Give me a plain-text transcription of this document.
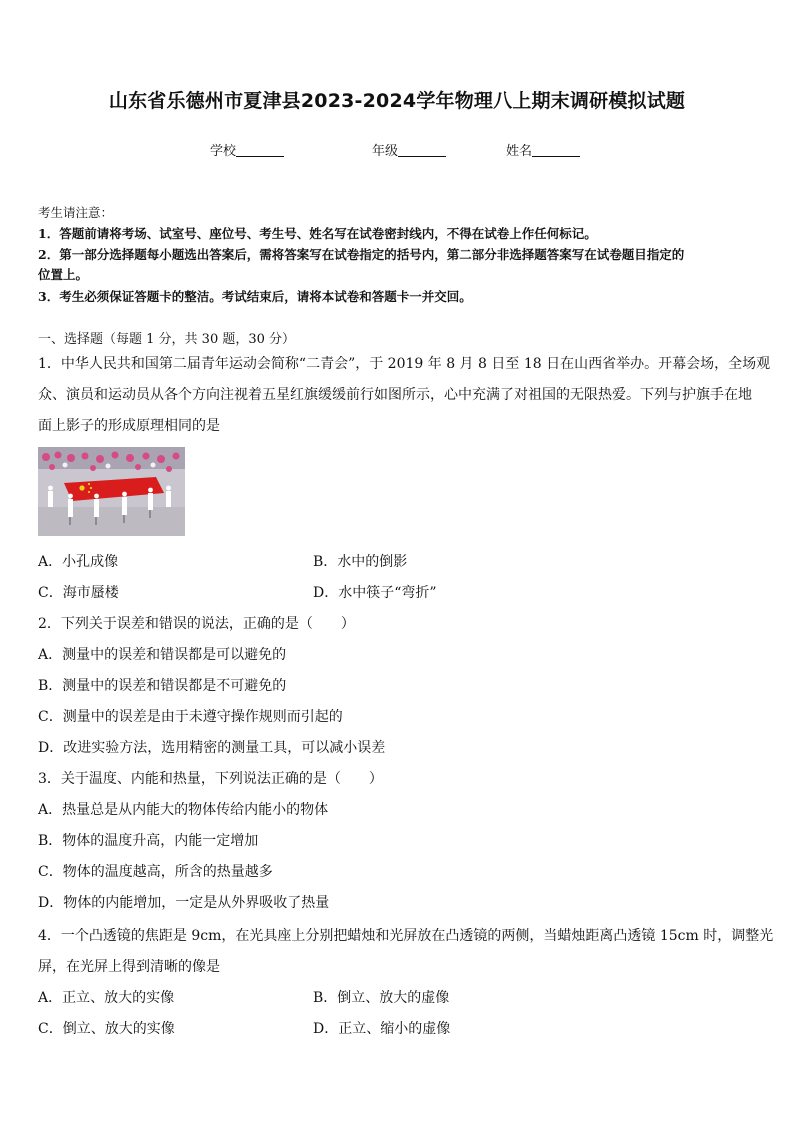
山东省乐德州市夏津县2023-2024学年物理八上期末调研模拟试题
学校	年级	姓名
考生请注意：
1．答题前请将考场、试室号、座位号、考生号、姓名写在试卷密封线内，不得在试卷上作任何标记。
2．第一部分选择题每小题选出答案后，需将答案写在试卷指定的括号内，第二部分非选择题答案写在试卷题目指定的
位置上。
3．考生必须保证答题卡的整洁。考试结束后，请将本试卷和答题卡一并交回。
一、选择题（每题 1 分，共 30 题，30 分）
1．中华人民共和国第二届青年运动会简称“二青会”，于 2019 年 8 月 8 日至 18 日在山西省举办。开幕会场，全场观
众、演员和运动员从各个方向注视着五星红旗缓缓前行如图所示，心中充满了对祖国的无限热爱。下列与护旗手在地
面上影子的形成原理相同的是
A．小孔成像	B．水中的倒影
C．海市蜃楼	D．水中筷子“弯折”
2．下列关于误差和错误的说法，正确的是（　　）
A．测量中的误差和错误都是可以避免的
B．测量中的误差和错误都是不可避免的
C．测量中的误差是由于未遵守操作规则而引起的
D．改进实验方法，选用精密的测量工具，可以减小误差
3．关于温度、内能和热量，下列说法正确的是（　　）
A．热量总是从内能大的物体传给内能小的物体
B．物体的温度升高，内能一定增加
C．物体的温度越高，所含的热量越多
D．物体的内能增加，一定是从外界吸收了热量
4．一个凸透镜的焦距是 9cm，在光具座上分别把蜡烛和光屏放在凸透镜的两侧，当蜡烛距离凸透镜 15cm 时，调整光
屏，在光屏上得到清晰的像是
A．正立、放大的实像	B．倒立、放大的虚像
C．倒立、放大的实像	D．正立、缩小的虚像
